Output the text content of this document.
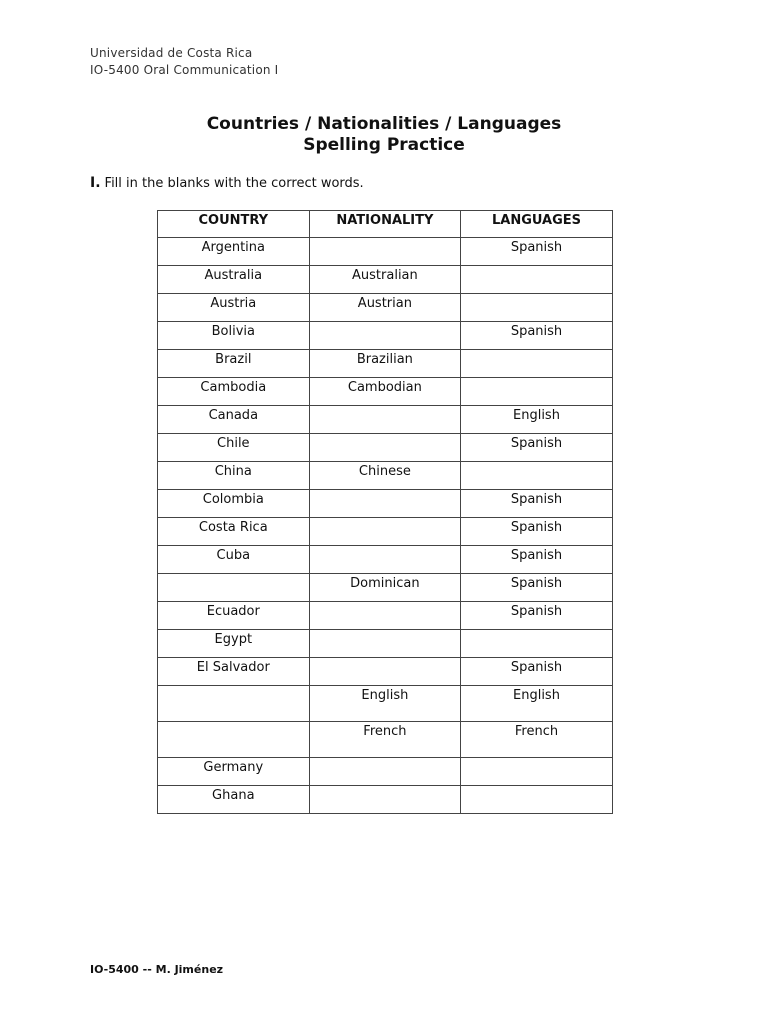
Universidad de Costa Rica
IO-5400 Oral Communication I
Countries / Nationalities / Languages
Spelling Practice
I. Fill in the blanks with the correct words.
COUNTRY	NATIONALITY	LANGUAGES
Argentina		Spanish
Australia	Australian	
Austria	Austrian	
Bolivia		Spanish
Brazil	Brazilian	
Cambodia	Cambodian	
Canada		English
Chile		Spanish
China	Chinese	
Colombia		Spanish
Costa Rica		Spanish
Cuba		Spanish
	Dominican	Spanish
Ecuador		Spanish
Egypt		
El Salvador		Spanish
	English	English
	French	French
Germany		
Ghana		
IO-5400 -- M. Jiménez
